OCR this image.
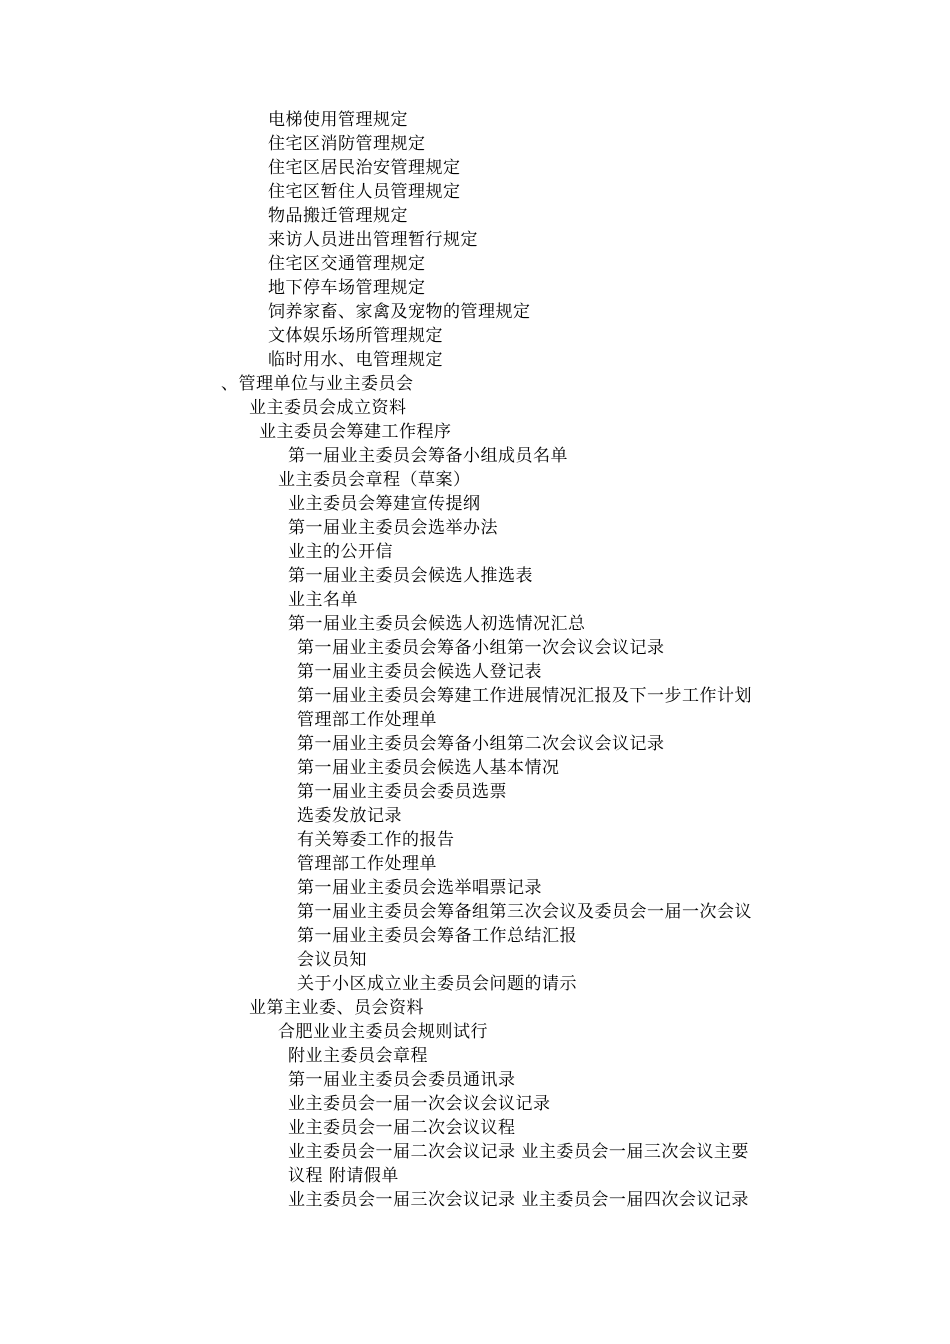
电梯使用管理规定
住宅区消防管理规定
住宅区居民治安管理规定
住宅区暂住人员管理规定
物品搬迁管理规定
来访人员进出管理暂行规定
住宅区交通管理规定
地下停车场管理规定
饲养家畜、家禽及宠物的管理规定
文体娱乐场所管理规定
临时用水、电管理规定
、管理单位与业主委员会
业主委员会成立资料
业主委员会筹建工作程序
第一届业主委员会筹备小组成员名单
业主委员会章程（草案）
业主委员会筹建宣传提纲
第一届业主委员会选举办法
业主的公开信
第一届业主委员会候选人推选表
业主名单
第一届业主委员会候选人初选情况汇总
第一届业主委员会筹备小组第一次会议会议记录
第一届业主委员会候选人登记表
第一届业主委员会筹建工作进展情况汇报及下一步工作计划
管理部工作处理单
第一届业主委员会筹备小组第二次会议会议记录
第一届业主委员会候选人基本情况
第一届业主委员会委员选票
选委发放记录
有关筹委工作的报告
管理部工作处理单
第一届业主委员会选举唱票记录
第一届业主委员会筹备组第三次会议及委员会一届一次会议
第一届业主委员会筹备工作总结汇报
会议员知
关于小区成立业主委员会问题的请示
业第主业委、员会资料
合肥业业主委员会规则试行
附业主委员会章程
第一届业主委员会委员通讯录
业主委员会一届一次会议会议记录
业主委员会一届二次会议议程
业主委员会一届二次会议记录 业主委员会一届三次会议主要
议程 附请假单
业主委员会一届三次会议记录 业主委员会一届四次会议记录
